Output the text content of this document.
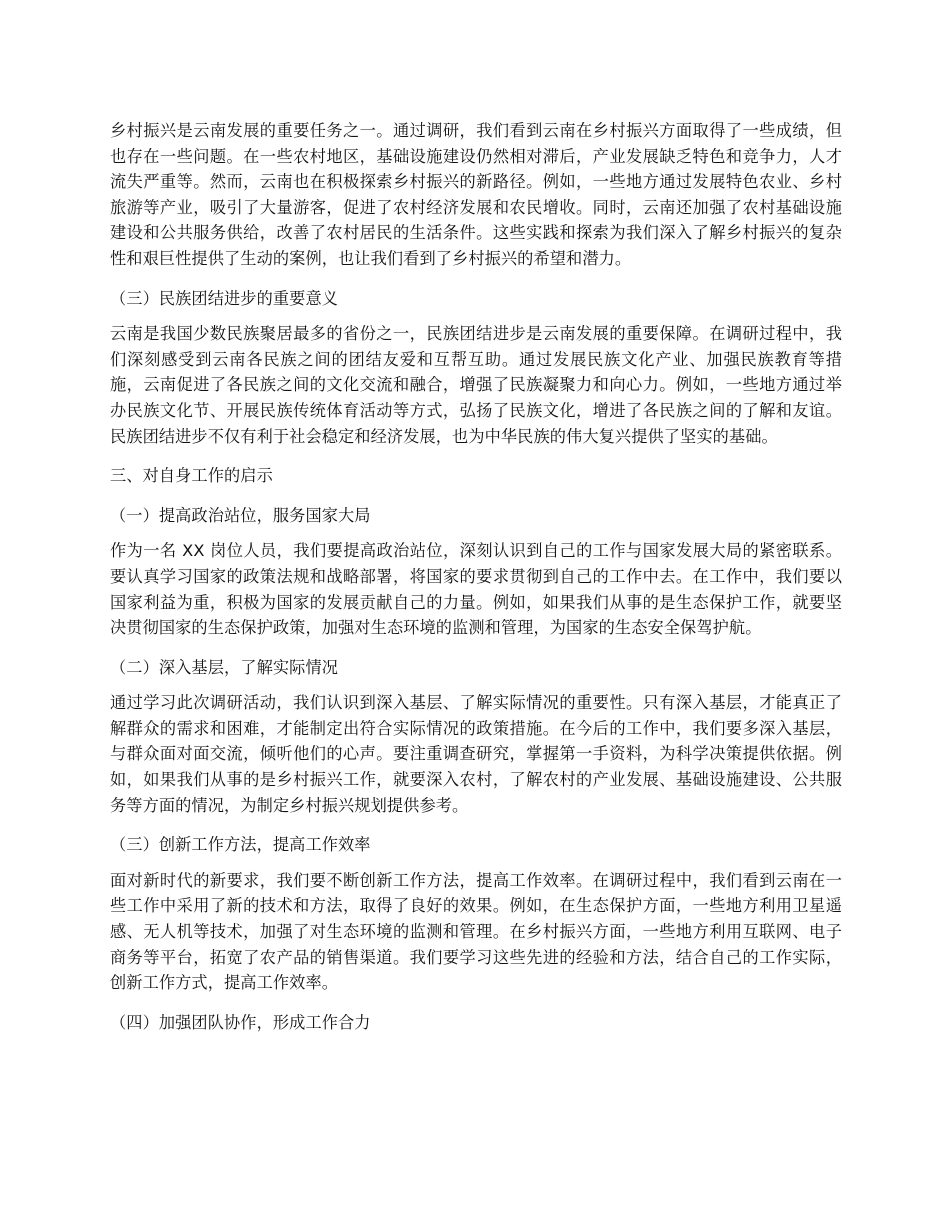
乡村振兴是云南发展的重要任务之一。通过调研，我们看到云南在乡村振兴方面取得了一些成绩，但也存在一些问题。在一些农村地区，基础设施建设仍然相对滞后，产业发展缺乏特色和竞争力，人才流失严重等。然而，云南也在积极探索乡村振兴的新路径。例如，一些地方通过发展特色农业、乡村旅游等产业，吸引了大量游客，促进了农村经济发展和农民增收。同时，云南还加强了农村基础设施建设和公共服务供给，改善了农村居民的生活条件。这些实践和探索为我们深入了解乡村振兴的复杂性和艰巨性提供了生动的案例，也让我们看到了乡村振兴的希望和潜力。

（三）民族团结进步的重要意义

云南是我国少数民族聚居最多的省份之一，民族团结进步是云南发展的重要保障。在调研过程中，我们深刻感受到云南各民族之间的团结友爱和互帮互助。通过发展民族文化产业、加强民族教育等措施，云南促进了各民族之间的文化交流和融合，增强了民族凝聚力和向心力。例如，一些地方通过举办民族文化节、开展民族传统体育活动等方式，弘扬了民族文化，增进了各民族之间的了解和友谊。民族团结进步不仅有利于社会稳定和经济发展，也为中华民族的伟大复兴提供了坚实的基础。

三、对自身工作的启示

（一）提高政治站位，服务国家大局

作为一名 XX 岗位人员，我们要提高政治站位，深刻认识到自己的工作与国家发展大局的紧密联系。要认真学习国家的政策法规和战略部署，将国家的要求贯彻到自己的工作中去。在工作中，我们要以国家利益为重，积极为国家的发展贡献自己的力量。例如，如果我们从事的是生态保护工作，就要坚决贯彻国家的生态保护政策，加强对生态环境的监测和管理，为国家的生态安全保驾护航。

（二）深入基层，了解实际情况

通过学习此次调研活动，我们认识到深入基层、了解实际情况的重要性。只有深入基层，才能真正了解群众的需求和困难，才能制定出符合实际情况的政策措施。在今后的工作中，我们要多深入基层，与群众面对面交流，倾听他们的心声。要注重调查研究，掌握第一手资料，为科学决策提供依据。例如，如果我们从事的是乡村振兴工作，就要深入农村，了解农村的产业发展、基础设施建设、公共服务等方面的情况，为制定乡村振兴规划提供参考。

（三）创新工作方法，提高工作效率

面对新时代的新要求，我们要不断创新工作方法，提高工作效率。在调研过程中，我们看到云南在一些工作中采用了新的技术和方法，取得了良好的效果。例如，在生态保护方面，一些地方利用卫星遥感、无人机等技术，加强了对生态环境的监测和管理。在乡村振兴方面，一些地方利用互联网、电子商务等平台，拓宽了农产品的销售渠道。我们要学习这些先进的经验和方法，结合自己的工作实际，创新工作方式，提高工作效率。

（四）加强团队协作，形成工作合力
